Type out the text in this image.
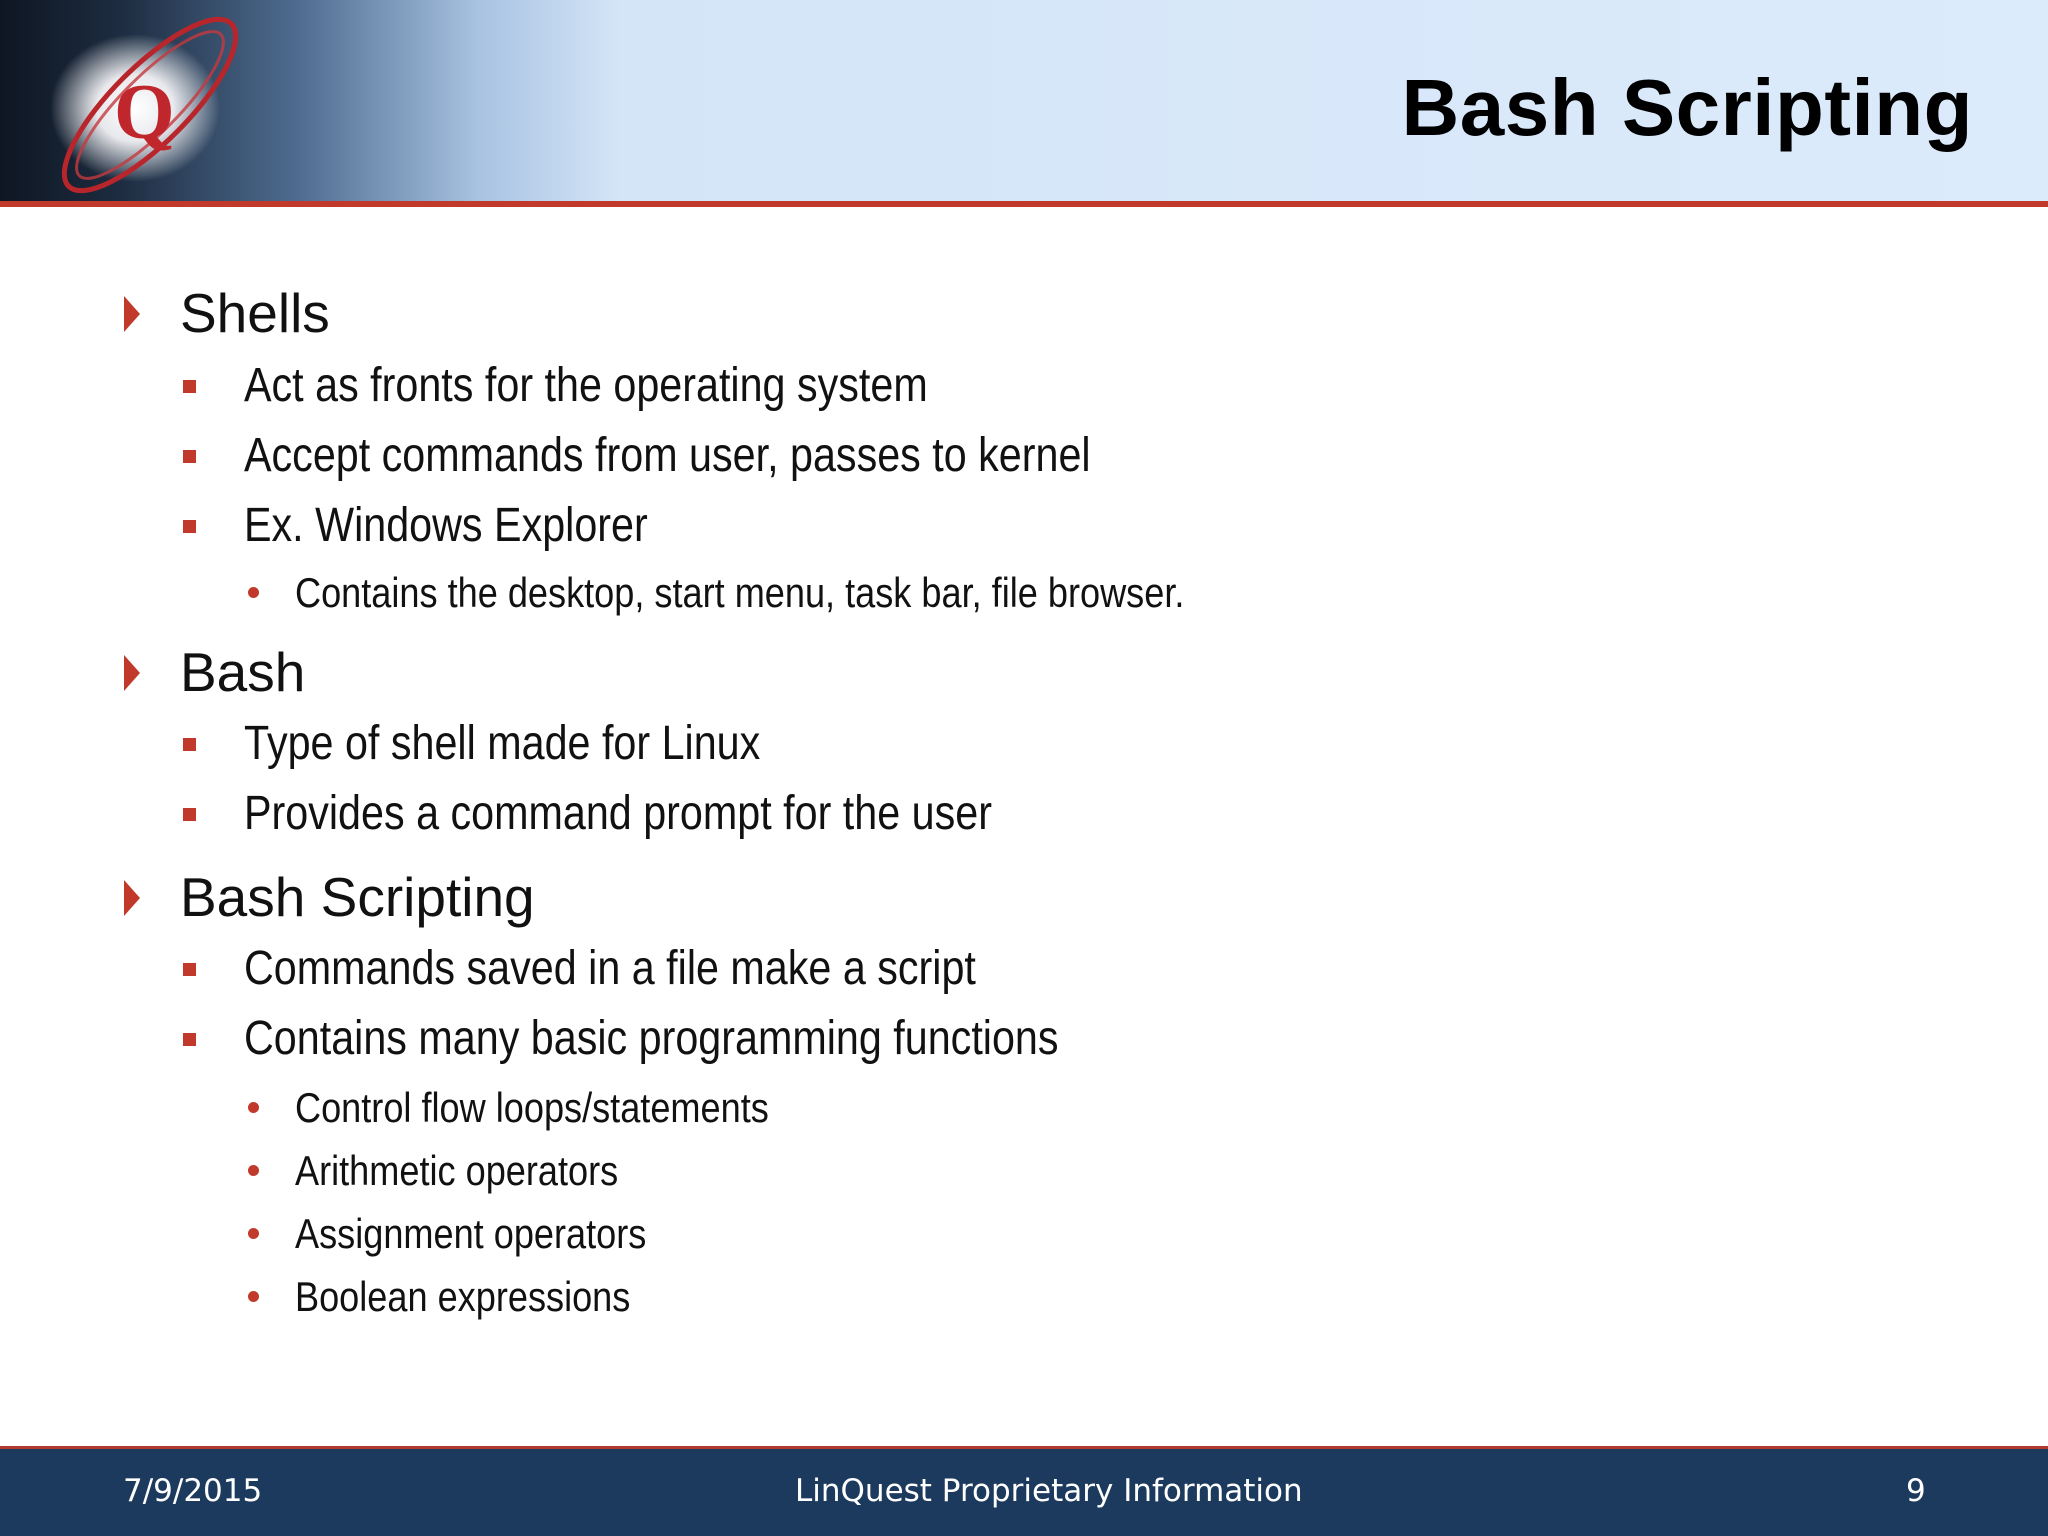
Q	Bash Scripting
Shells
Act as fronts for the operating system
Accept commands from user, passes to kernel
Ex. Windows Explorer
Contains the desktop, start menu, task bar, file browser.
Bash
Type of shell made for Linux
Provides a command prompt for the user
Bash Scripting
Commands saved in a file make a script
Contains many basic programming functions
Control flow loops/statements
Arithmetic operators
Assignment operators
Boolean expressions
7/9/2015	LinQuest Proprietary Information	9
